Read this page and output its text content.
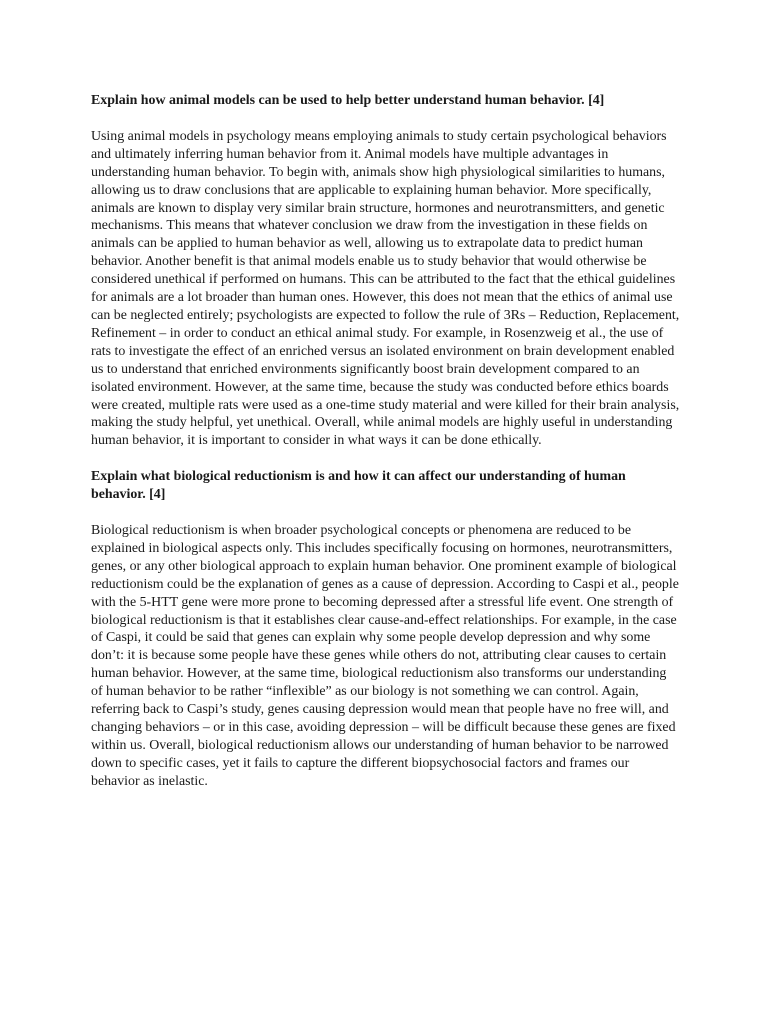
Explain how animal models can be used to help better understand human behavior. [4]

Using animal models in psychology means employing animals to study certain psychological behaviors and ultimately inferring human behavior from it. Animal models have multiple advantages in understanding human behavior. To begin with, animals show high physiological similarities to humans, allowing us to draw conclusions that are applicable to explaining human behavior. More specifically, animals are known to display very similar brain structure, hormones and neurotransmitters, and genetic mechanisms. This means that whatever conclusion we draw from the investigation in these fields on animals can be applied to human behavior as well, allowing us to extrapolate data to predict human behavior. Another benefit is that animal models enable us to study behavior that would otherwise be considered unethical if performed on humans. This can be attributed to the fact that the ethical guidelines for animals are a lot broader than human ones. However, this does not mean that the ethics of animal use can be neglected entirely; psychologists are expected to follow the rule of 3Rs – Reduction, Replacement, Refinement – in order to conduct an ethical animal study. For example, in Rosenzweig et al., the use of rats to investigate the effect of an enriched versus an isolated environment on brain development enabled us to understand that enriched environments significantly boost brain development compared to an isolated environment. However, at the same time, because the study was conducted before ethics boards were created, multiple rats were used as a one-time study material and were killed for their brain analysis, making the study helpful, yet unethical. Overall, while animal models are highly useful in understanding human behavior, it is important to consider in what ways it can be done ethically.

Explain what biological reductionism is and how it can affect our understanding of human behavior. [4]

Biological reductionism is when broader psychological concepts or phenomena are reduced to be explained in biological aspects only. This includes specifically focusing on hormones, neurotransmitters, genes, or any other biological approach to explain human behavior. One prominent example of biological reductionism could be the explanation of genes as a cause of depression. According to Caspi et al., people with the 5-HTT gene were more prone to becoming depressed after a stressful life event. One strength of biological reductionism is that it establishes clear cause-and-effect relationships. For example, in the case of Caspi, it could be said that genes can explain why some people develop depression and why some don’t: it is because some people have these genes while others do not, attributing clear causes to certain human behavior. However, at the same time, biological reductionism also transforms our understanding of human behavior to be rather “inflexible” as our biology is not something we can control. Again, referring back to Caspi’s study, genes causing depression would mean that people have no free will, and changing behaviors – or in this case, avoiding depression – will be difficult because these genes are fixed within us. Overall, biological reductionism allows our understanding of human behavior to be narrowed down to specific cases, yet it fails to capture the different biopsychosocial factors and frames our behavior as inelastic.
